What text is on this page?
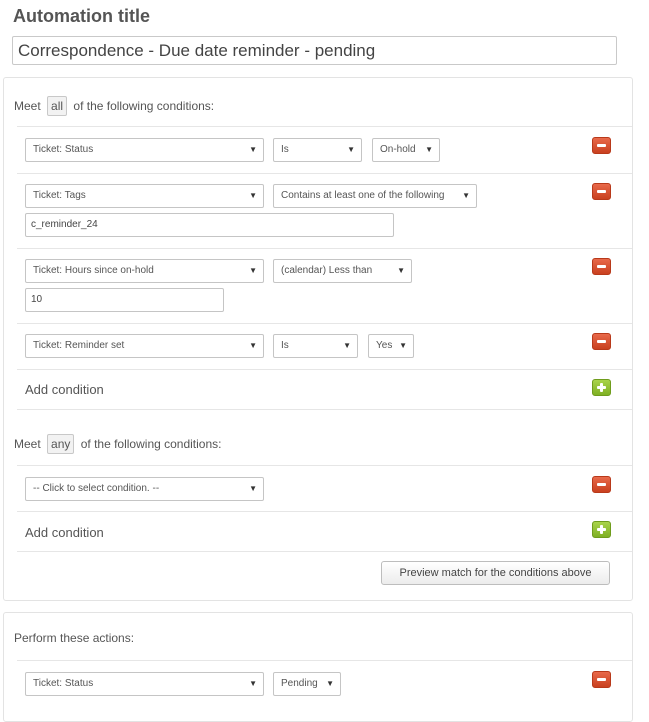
Automation title
Correspondence - Due date reminder - pending
Meet all of the following conditions:
Ticket: Status	▼	Is	▼	On-hold ▼
Ticket: Tags	▼	Contains at least one of the following ▼
c_reminder_24
Ticket: Hours since on-hold	▼	(calendar) Less than	▼
10
Ticket: Reminder set	▼	Is	▼	Yes ▼
Add condition
Meet any of the following conditions:
-- Click to select condition. --	▼
Add condition
Preview match for the conditions above
Perform these actions:
Ticket: Status	▼	Pending ▼
